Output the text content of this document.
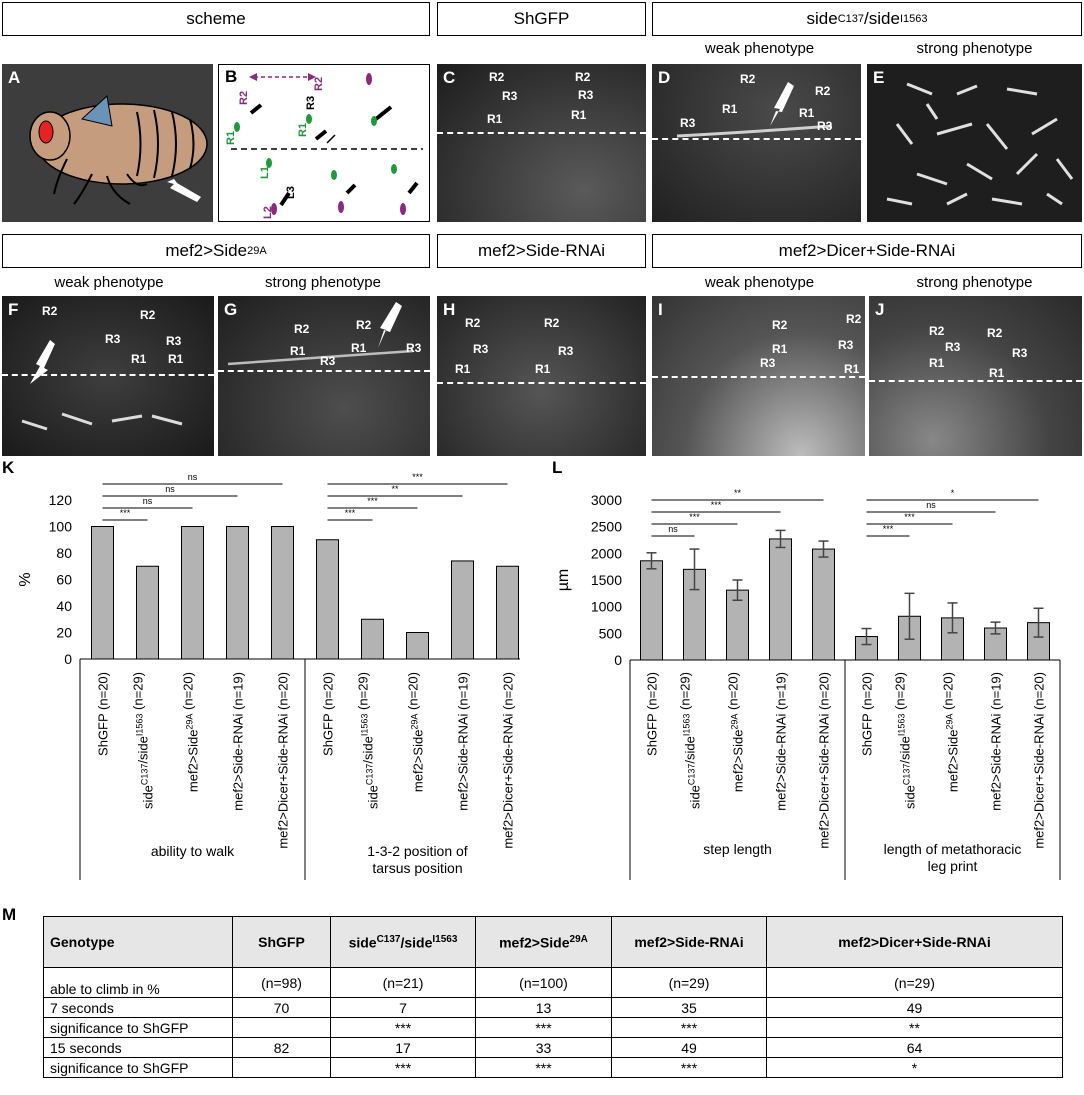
scheme	ShGFP	side C137 /side I1563
weak phenotype	strong phenotype
A
R2
R2
R3
R1
R1
L1
L3
L2
B	C	R2	R2
R3	R3
R1	R1
D	R2
R2
R1	R1
R3	R3
E
mef2>Side 29A	mef2>Side-RNAi	mef2>Dicer+Side-RNAi
weak phenotype	strong phenotype	weak phenotype	strong phenotype
F R2	R2
R3	R3
R1 R1
G
R2	R2
R1	R1
R3
R3
H
R2	R2
R3	R3
R1	R1
I
R2	R2
R1	R3
R3	R1
J
R2	R2
R3	R3
R1
R1
K
0
20
40
60
80
100
120
%
ability to walk
ShGFP (n=20)
side$^{C137}$/side$^{I1563}$ (n=29)
***
mef2>Side$^{29A}$ (n=20)
ns
mef2>Side-RNAi (n=19)
ns
mef2>Dicer+Side-RNAi (n=20)
ns
1-3-2 position of
tarsus position
ShGFP (n=20)
side$^{C137}$/side$^{I1563}$ (n=29)
***
mef2>Side$^{29A}$ (n=20)
***
mef2>Side-RNAi (n=19)
**
mef2>Dicer+Side-RNAi (n=20)
***	L
0
500
1000
1500
2000
2500
3000
µm
step length
ShGFP (n=20)
side$^{C137}$/side$^{I1563}$ (n=29)
ns
mef2>Side$^{29A}$ (n=20)
***
mef2>Side-RNAi (n=19)
***
mef2>Dicer+Side-RNAi (n=20)
**
length of metathoracic
leg print
ShGFP (n=20)
side$^{C137}$/side$^{I1563}$ (n=29)
***
mef2>Side$^{29A}$ (n=20)
***
mef2>Side-RNAi (n=19)
ns
mef2>Dicer+Side-RNAi (n=20)
*
M
Genotype	ShGFP	side$^{C137}$/side$^{I1563}$	mef2>Side$^{29A}$	mef2>Side-RNAi	mef2>Dicer+Side-RNAi
able to climb in %	(n=98)	(n=21)	(n=100)	(n=29)	(n=29)
7 seconds	70	7	13	35	49
significance to ShGFP		***	***	***	**
15 seconds	82	17	33	49	64
significance to ShGFP		***	***	***	*
